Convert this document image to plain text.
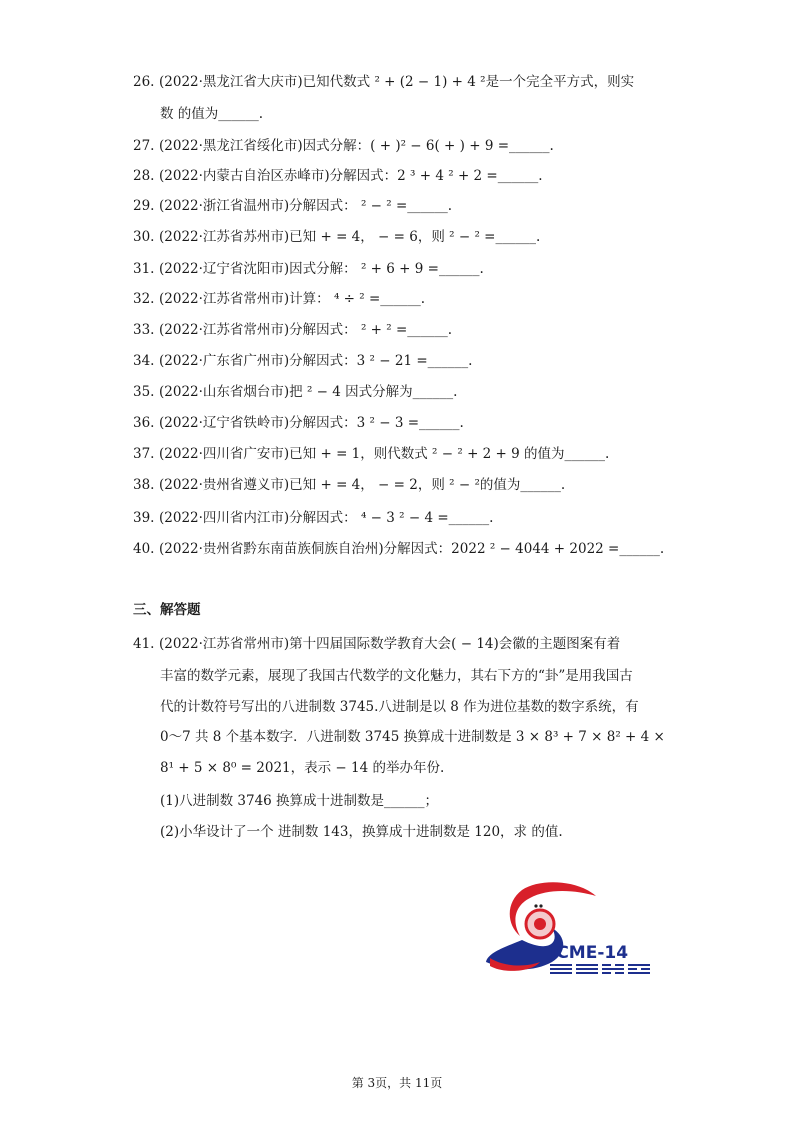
26. (2022·黑龙江省大庆市)已知代数式 ² + (2 − 1) + 4 ²是一个完全平方式，则实
数 的值为______.
27. (2022·黑龙江省绥化市)因式分解：( + )² − 6( + ) + 9 =______.
28. (2022·内蒙古自治区赤峰市)分解因式：2 ³ + 4 ² + 2 =______.
29. (2022·浙江省温州市)分解因式： ² − ² =______.
30. (2022·江苏省苏州市)已知 + = 4， − = 6，则 ² − ² =______.
31. (2022·辽宁省沈阳市)因式分解： ² + 6 + 9 =______.
32. (2022·江苏省常州市)计算： ⁴ ÷ ² =______.
33. (2022·江苏省常州市)分解因式： ² + ² =______.
34. (2022·广东省广州市)分解因式：3 ² − 21 =______.
35. (2022·山东省烟台市)把 ² − 4 因式分解为______.
36. (2022·辽宁省铁岭市)分解因式：3 ² − 3 =______.
37. (2022·四川省广安市)已知 + = 1，则代数式 ² − ² + 2 + 9 的值为______.
38. (2022·贵州省遵义市)已知 + = 4， − = 2，则 ² − ²的值为______.
39. (2022·四川省内江市)分解因式： ⁴ − 3 ² − 4 =______.
40. (2022·贵州省黔东南苗族侗族自治州)分解因式：2022 ² − 4044 + 2022 =______.
三、解答题
41. (2022·江苏省常州市)第十四届国际数学教育大会( − 14)会徽的主题图案有着
丰富的数学元素，展现了我国古代数学的文化魅力，其右下方的“卦”是用我国古
代的计数符号写出的八进制数 3745.八进制是以 8 作为进位基数的数字系统，有
0～7 共 8 个基本数字．八进制数 3745 换算成十进制数是 3 × 8³ + 7 × 8² + 4 ×
8¹ + 5 × 8⁰ = 2021，表示 − 14 的举办年份.
(1)八进制数 3746 换算成十进制数是______；
(2)小华设计了一个 进制数 143，换算成十进制数是 120，求 的值.
ICME-14
第 3页，共 11页
